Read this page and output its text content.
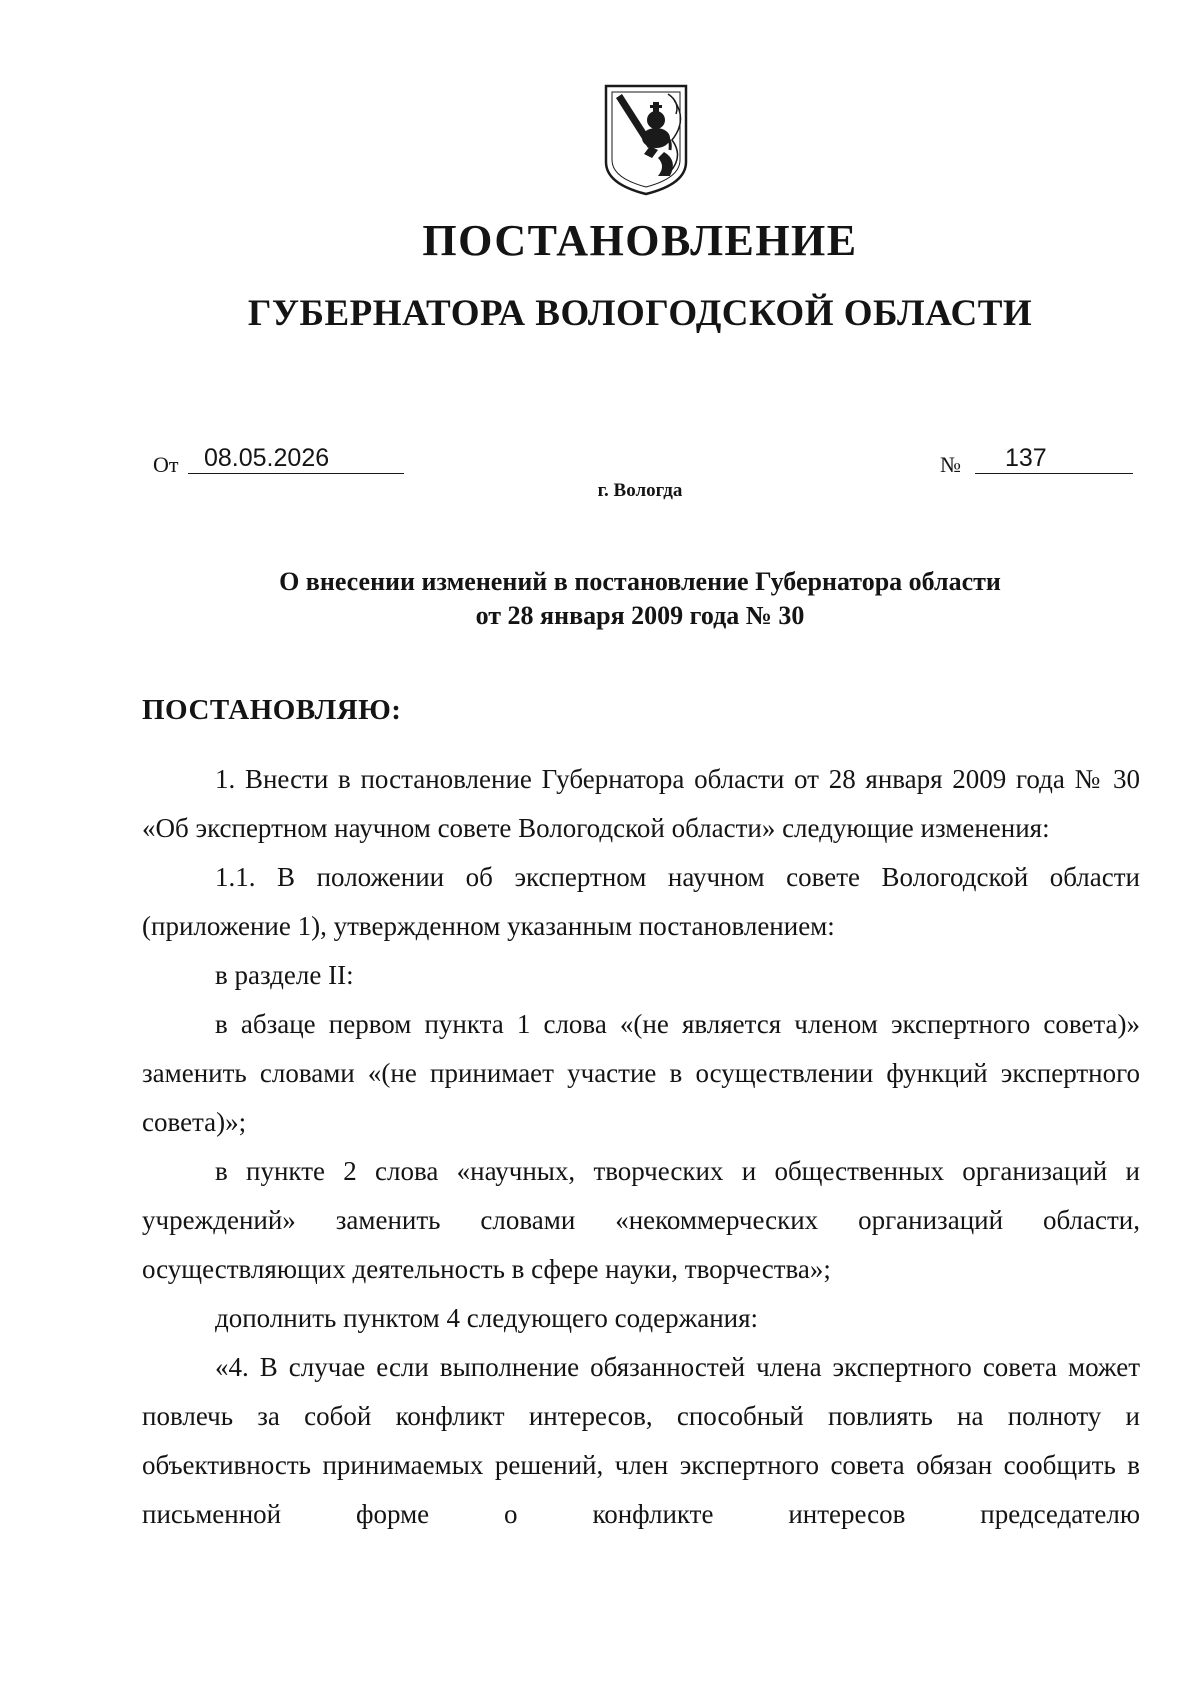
ПОСТАНОВЛЕНИЕ
ГУБЕРНАТОРА ВОЛОГОДСКОЙ ОБЛАСТИ
От	08.05.2026	№	137
г. Вологда
О внесении изменений в постановление Губернатора области
от 28 января 2009 года № 30
ПОСТАНОВЛЯЮ:

1. Внести в постановление Губернатора области от 28 января 2009 года № 30 «Об экспертном научном совете Вологодской области» следующие изменения:

1.1. В положении об экспертном научном совете Вологодской области (приложение 1), утвержденном указанным постановлением:

в разделе II:

в абзаце первом пункта 1 слова «(не является членом экспертного совета)» заменить словами «(не принимает участие в осуществлении функций экспертного совета)»;

в пункте 2 слова «научных, творческих и общественных организаций и учреждений» заменить словами «некоммерческих организаций области, осуществляющих деятельность в сфере науки, творчества»;

дополнить пунктом 4 следующего содержания:

«4. В случае если выполнение обязанностей члена экспертного совета может повлечь за собой конфликт интересов, способный повлиять на полноту и объективность принимаемых решений, член экспертного совета обязан сообщить в письменной форме о конфликте интересов председателю
